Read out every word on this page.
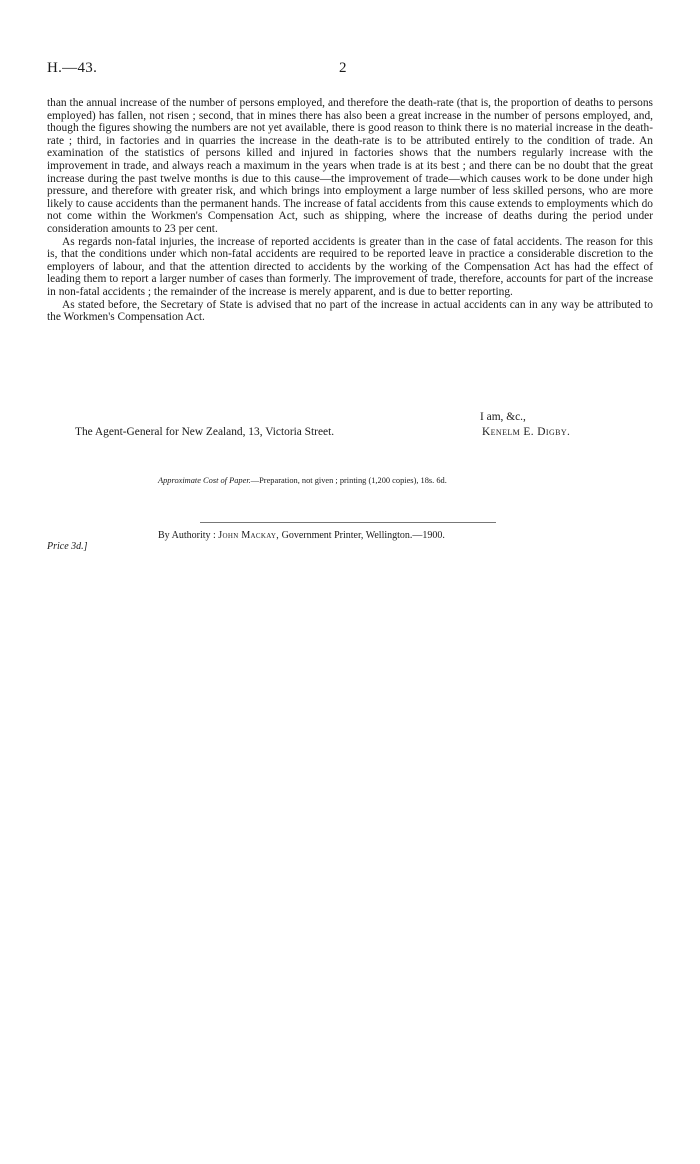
H.—43.	2

than the annual increase of the number of persons employed, and therefore the death-rate (that is, the proportion of deaths to persons employed) has fallen, not risen ; second, that in mines there has also been a great increase in the number of persons employed, and, though the figures showing the numbers are not yet available, there is good reason to think there is no material increase in the death-rate ; third, in factories and in quarries the increase in the death-rate is to be attributed entirely to the condition of trade. An examination of the statistics of persons killed and injured in factories shows that the numbers regularly increase with the improvement in trade, and always reach a maximum in the years when trade is at its best ; and there can be no doubt that the great increase during the past twelve months is due to this cause—the improvement of trade—which causes work to be done under high pressure, and therefore with greater risk, and which brings into employment a large number of less skilled persons, who are more likely to cause accidents than the permanent hands. The increase of fatal accidents from this cause extends to employments which do not come within the Workmen's Compensation Act, such as shipping, where the increase of deaths during the period under consideration amounts to 23 per cent.

As regards non-fatal injuries, the increase of reported accidents is greater than in the case of fatal accidents. The reason for this is, that the conditions under which non-fatal accidents are required to be reported leave in practice a considerable discretion to the employers of labour, and that the attention directed to accidents by the working of the Compensation Act has had the effect of leading them to report a larger number of cases than formerly. The improvement of trade, therefore, accounts for part of the increase in non-fatal accidents ; the remainder of the increase is merely apparent, and is due to better reporting.

As stated before, the Secretary of State is advised that no part of the increase in actual accidents can in any way be attributed to the Workmen's Compensation Act.

I am, &c.,
The Agent-General for New Zealand, 13, Victoria Street.	Kenelm E. Digby.
Approximate Cost of Paper.—Preparation, not given ; printing (1,200 copies), 18s. 6d.
By Authority : John Mackay, Government Printer, Wellington.—1900.
Price 3d.]
